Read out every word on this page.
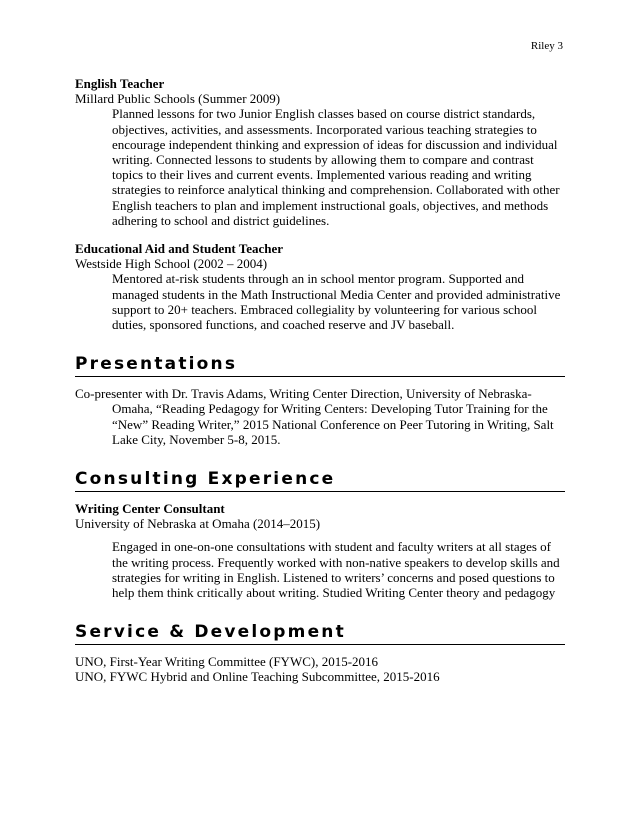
Riley 3

English Teacher

Millard Public Schools (Summer 2009)

Planned lessons for two Junior English classes based on course district standards, objectives, activities, and assessments. Incorporated various teaching strategies to encourage independent thinking and expression of ideas for discussion and individual writing. Connected lessons to students by allowing them to compare and contrast topics to their lives and current events. Implemented various reading and writing strategies to reinforce analytical thinking and comprehension. Collaborated with other English teachers to plan and implement instructional goals, objectives, and methods adhering to school and district guidelines.

Educational Aid and Student Teacher

Westside High School (2002 – 2004)

Mentored at-risk students through an in school mentor program. Supported and managed students in the Math Instructional Media Center and provided administrative support to 20+ teachers. Embraced collegiality by volunteering for various school duties, sponsored functions, and coached reserve and JV baseball.

Presentations

Co-presenter with Dr. Travis Adams, Writing Center Direction, University of Nebraska-Omaha, “Reading Pedagogy for Writing Centers: Developing Tutor Training for the “New” Reading Writer,” 2015 National Conference on Peer Tutoring in Writing, Salt Lake City, November 5-8, 2015.

Consulting Experience

Writing Center Consultant

University of Nebraska at Omaha (2014–2015)

Engaged in one-on-one consultations with student and faculty writers at all stages of the writing process. Frequently worked with non-native speakers to develop skills and strategies for writing in English. Listened to writers’ concerns and posed questions to help them think critically about writing. Studied Writing Center theory and pedagogy

Service & Development

UNO, First-Year Writing Committee (FYWC), 2015-2016

UNO, FYWC Hybrid and Online Teaching Subcommittee, 2015-2016
